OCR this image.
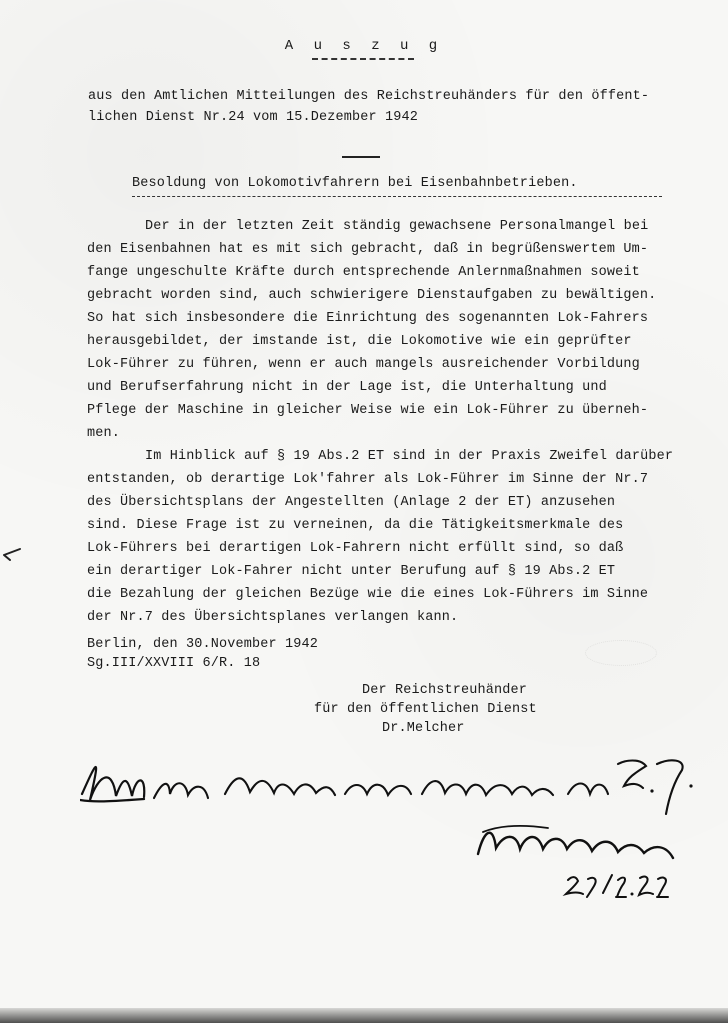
A u s z u g
aus den Amtlichen Mitteilungen des Reichstreuhänders für den öffent-
lichen Dienst Nr.24 vom 15.Dezember 1942
Besoldung von Lokomotivfahrern bei Eisenbahnbetrieben.
Der in der letzten Zeit ständig gewachsene Personalmangel bei
den Eisenbahnen hat es mit sich gebracht, daß in begrüßenswertem Um-
fange ungeschulte Kräfte durch entsprechende Anlernmaßnahmen soweit
gebracht worden sind, auch schwierigere Dienstaufgaben zu bewältigen.
So hat sich insbesondere die Einrichtung des sogenannten Lok-Fahrers
herausgebildet, der imstande ist, die Lokomotive wie ein geprüfter
Lok-Führer zu führen, wenn er auch mangels ausreichender Vorbildung
und Berufserfahrung nicht in der Lage ist, die Unterhaltung und
Pflege der Maschine in gleicher Weise wie ein Lok-Führer zu überneh-
men.
Im Hinblick auf § 19 Abs.2 ET sind in der Praxis Zweifel darüber
entstanden, ob derartige Lok'fahrer als Lok-Führer im Sinne der Nr.7
des Übersichtsplans der Angestellten (Anlage 2 der ET) anzusehen
sind. Diese Frage ist zu verneinen, da die Tätigkeitsmerkmale des
Lok-Führers bei derartigen Lok-Fahrern nicht erfüllt sind, so daß
ein derartiger Lok-Fahrer nicht unter Berufung auf § 19 Abs.2 ET
die Bezahlung der gleichen Bezüge wie die eines Lok-Führers im Sinne
der Nr.7 des Übersichtsplanes verlangen kann.
Berlin, den 30.November 1942
Sg.III/XXVIII 6/R. 18
Der Reichstreuhänder
für den öffentlichen Dienst
Dr.Melcher
